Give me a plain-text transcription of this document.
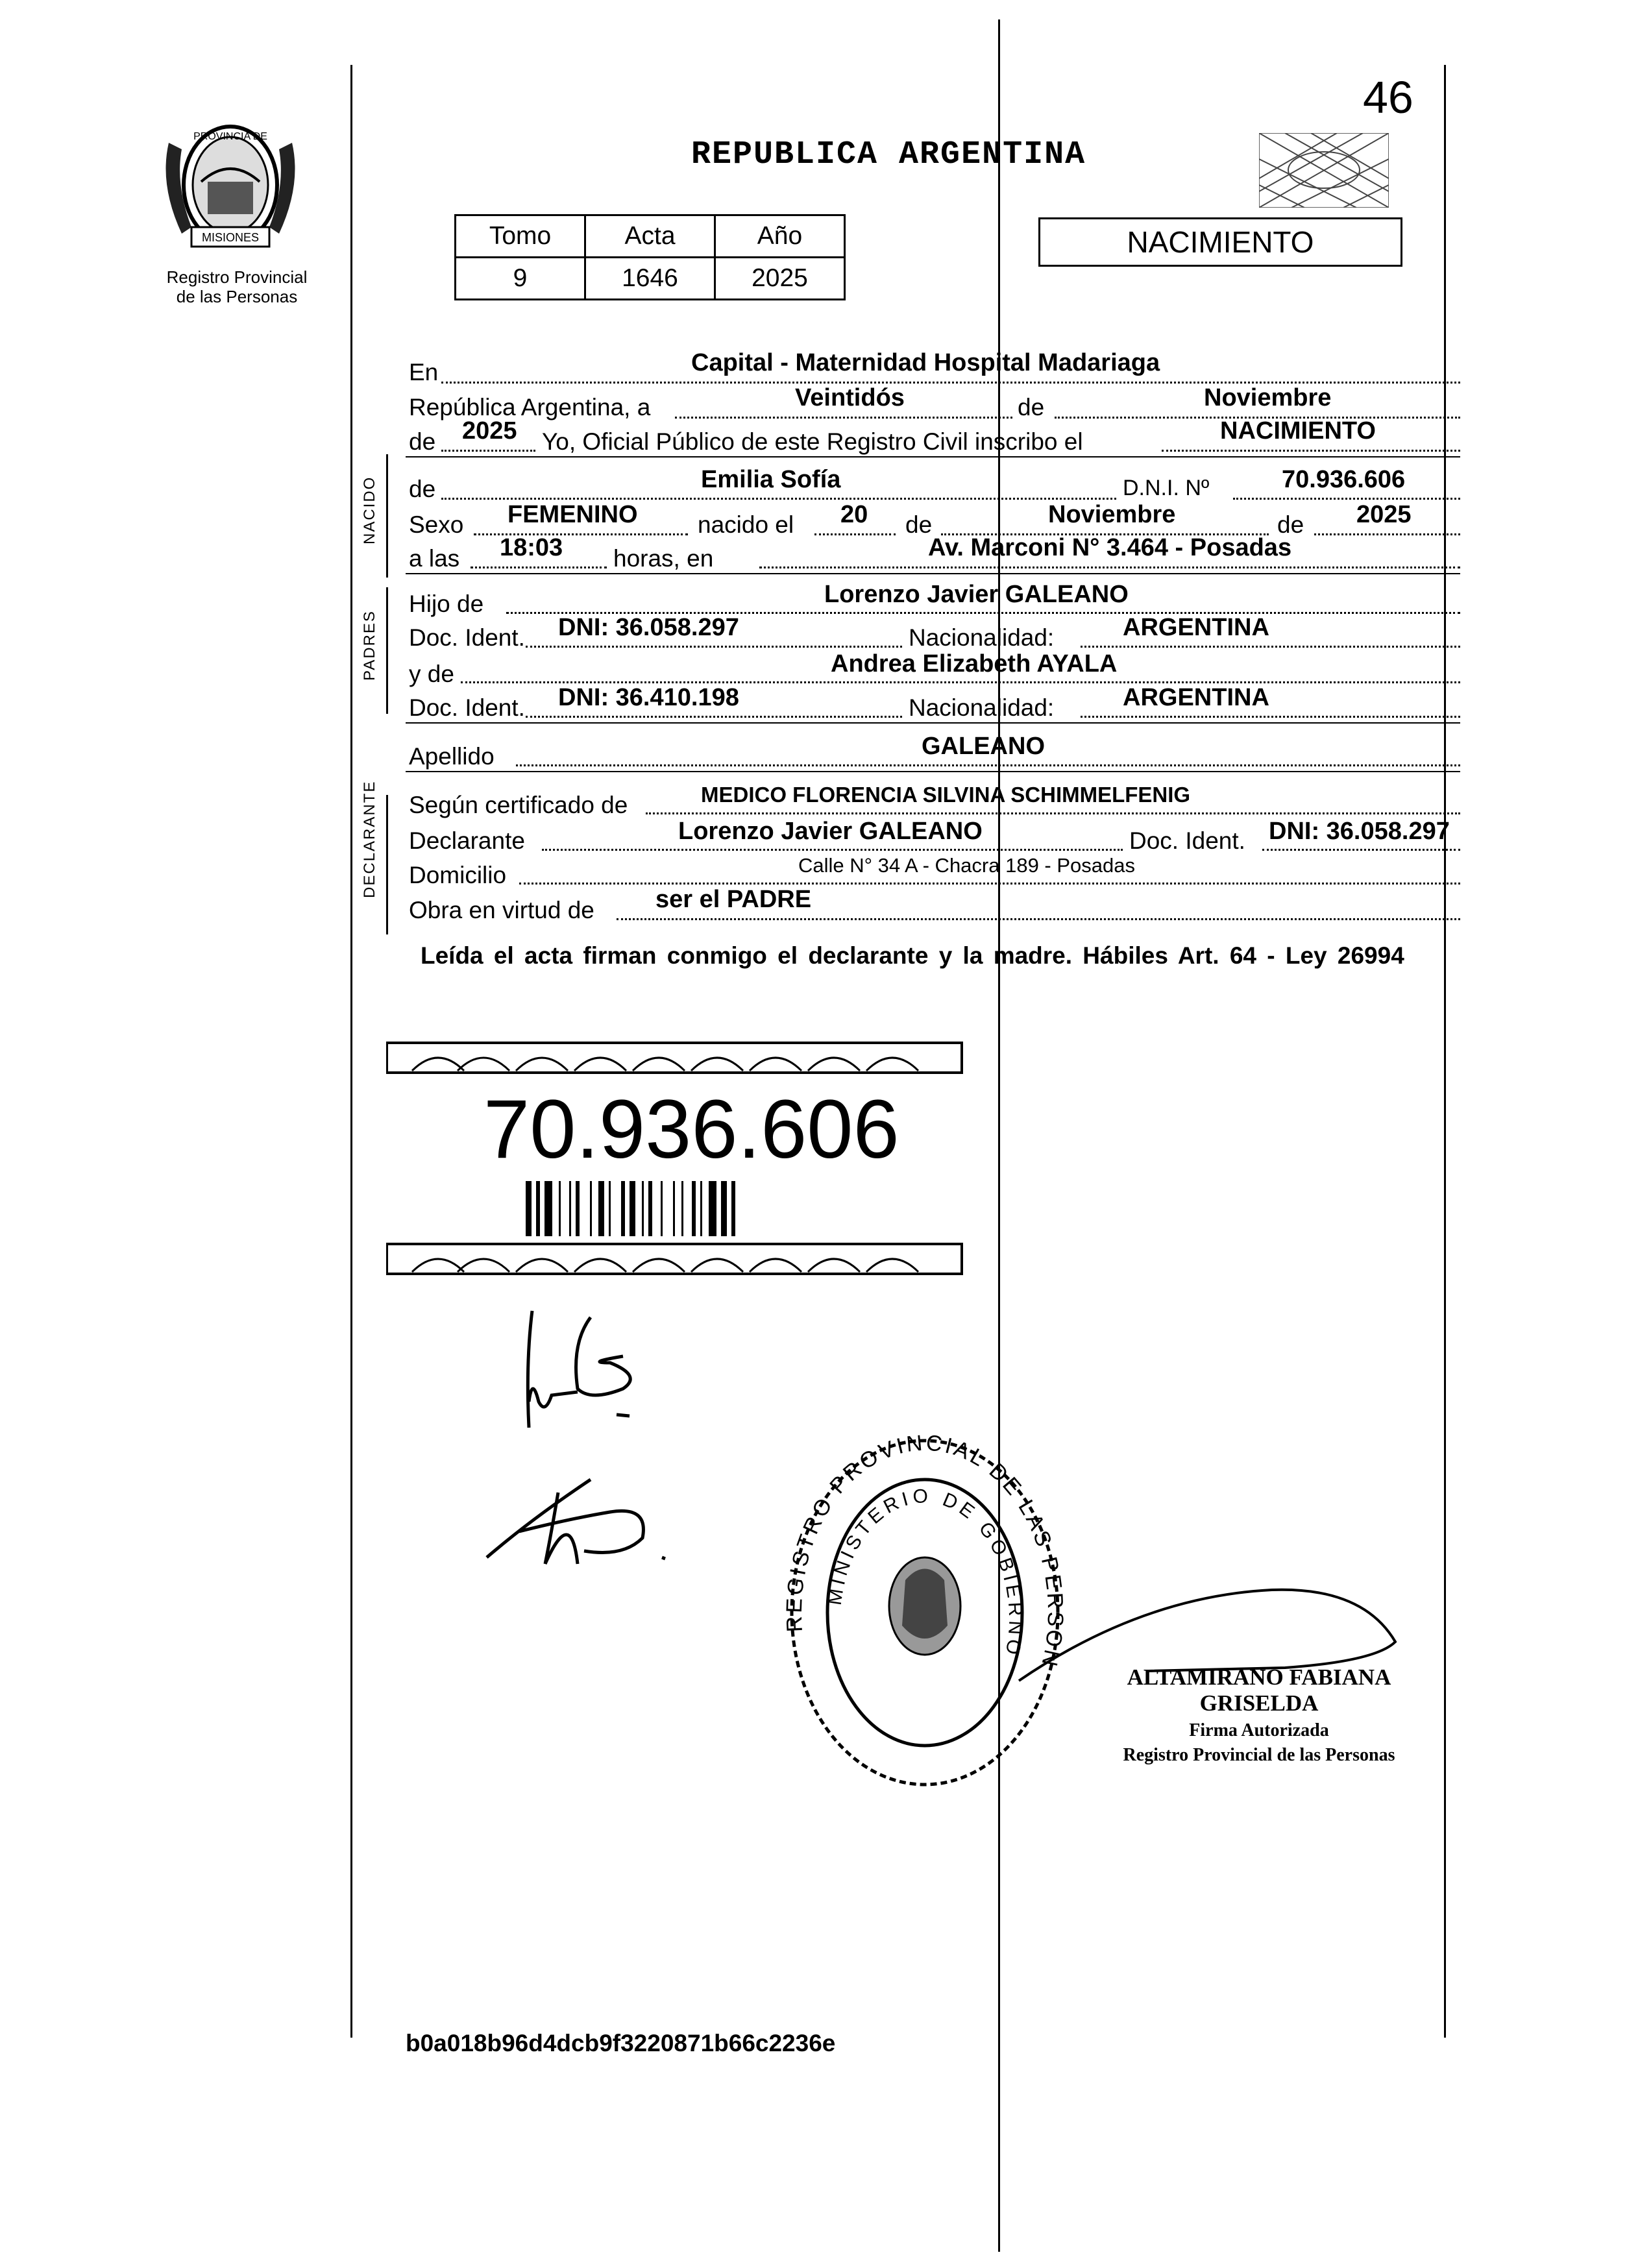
46
PROVINCIA DE
MISIONES
Registro Provincial
de las Personas
REPUBLICA ARGENTINA
Tomo	Acta	Año
9	1646	2025
NACIMIENTO
NACIDO
PADRES
DECLARANTE
En	Capital - Maternidad Hospital Madariaga
República Argentina, a	Veintidós	de	Noviembre
de 2025 Yo, Oficial Público de este Registro Civil inscribo el	NACIMIENTO
de	Emilia Sofía	D.N.I. Nº	70.936.606
Sexo FEMENINO nacido el 20 de	Noviembre	de 2025
a las 18:03 horas, en	Av. Marconi N° 3.464 - Posadas
Hijo de	Lorenzo Javier GALEANO
Doc. Ident. DNI: 36.058.297	Nacionalidad:	ARGENTINA
y de	Andrea Elizabeth AYALA
Doc. Ident. DNI: 36.410.198	Nacionalidad:	ARGENTINA
Apellido	GALEANO
Según certificado de	MEDICO FLORENCIA SILVINA SCHIMMELFENIG
Declarante	Lorenzo Javier GALEANO	Doc. Ident. DNI: 36.058.297
Domicilio	Calle N° 34 A - Chacra 189 - Posadas
Obra en virtud de ser el PADRE
Leída el acta firman conmigo el declarante y la madre. Hábiles Art. 64 - Ley 26994
70.936.606
REGISTRO PROVINCIAL DE LAS PERSON
MINISTERIO DE GOBIERNO
ALTAMIRANO FABIANA GRISELDA
Firma Autorizada
Registro Provincial de las Personas
b0a018b96d4dcb9f3220871b66c2236e
